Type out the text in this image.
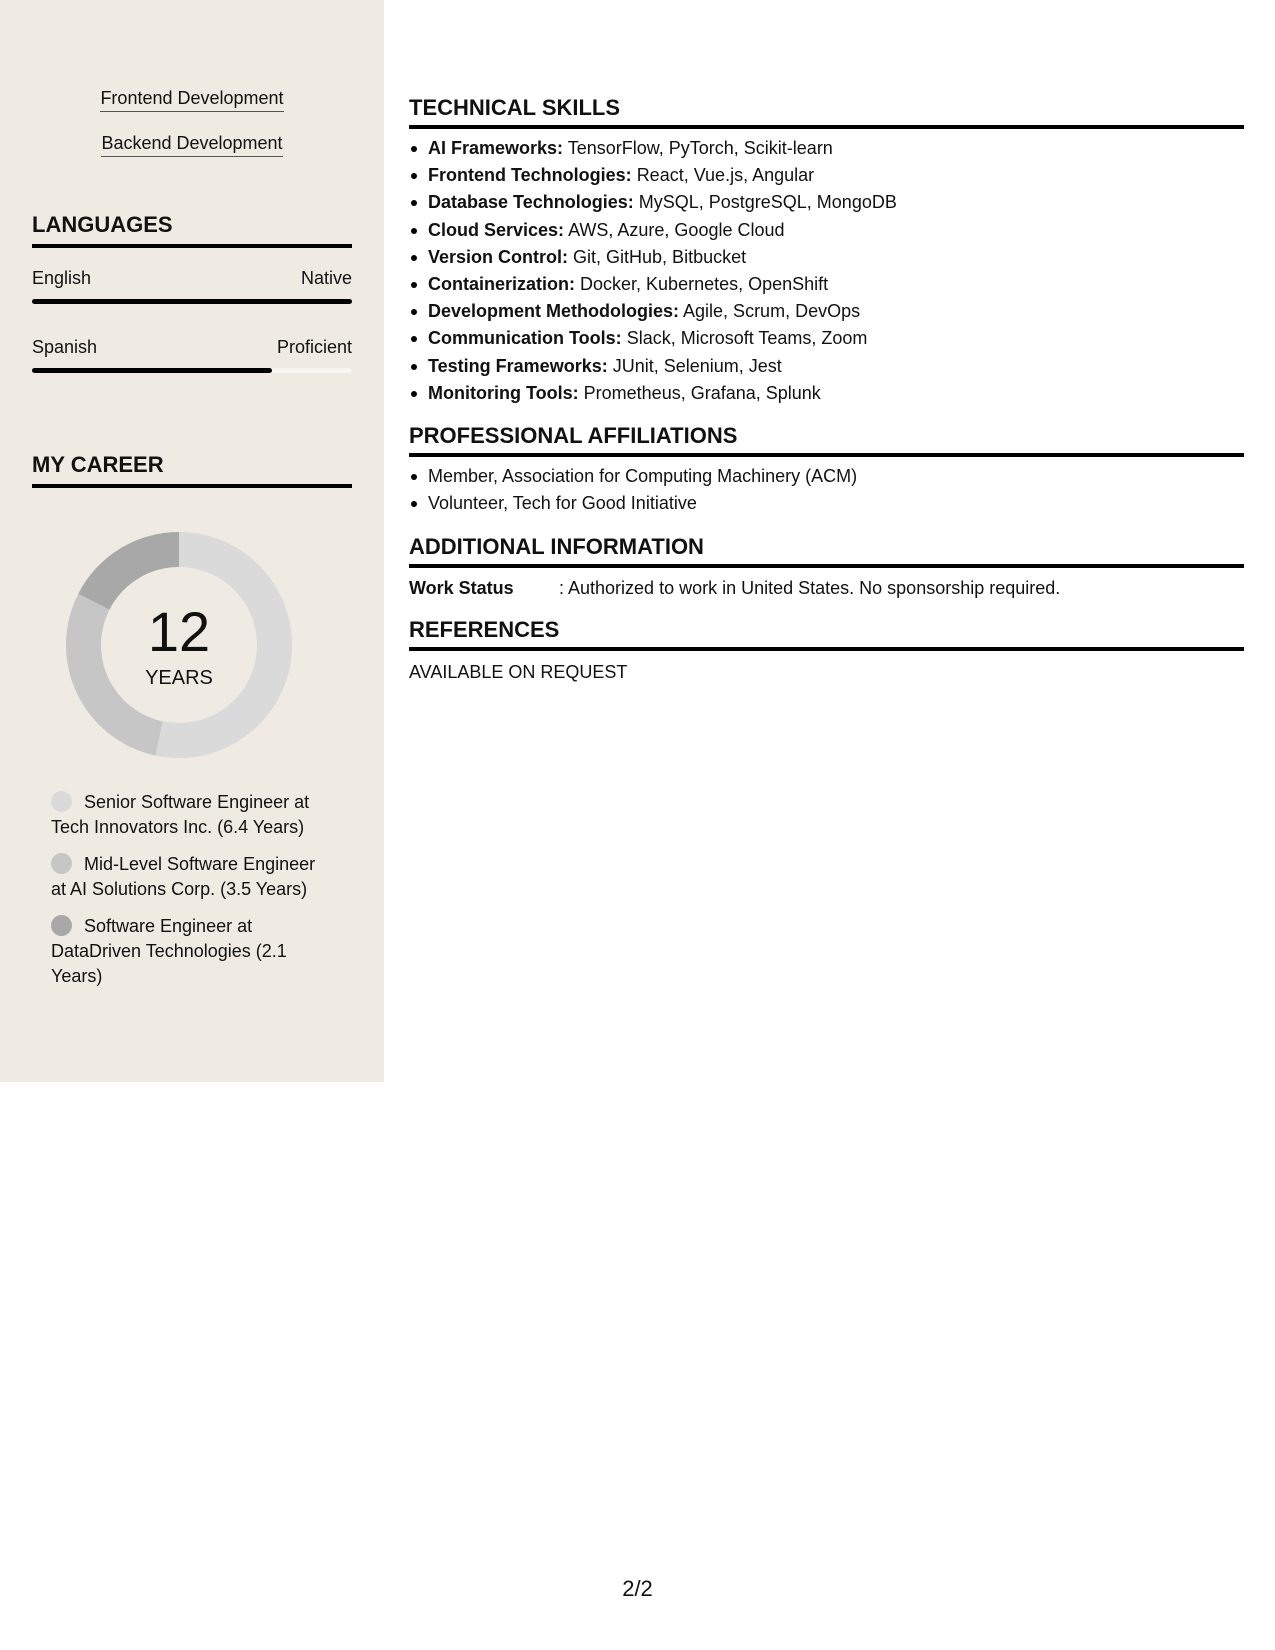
Frontend Development
Backend Development
LANGUAGES
English	Native
Spanish	Proficient
MY CAREER
12
YEARS
Senior Software Engineer at Tech Innovators Inc. (6.4 Years)
Mid-Level Software Engineer at AI Solutions Corp. (3.5 Years)
Software Engineer at DataDriven Technologies (2.1 Years)
TECHNICAL SKILLS
AI Frameworks: TensorFlow, PyTorch, Scikit-learn
Frontend Technologies: React, Vue.js, Angular
Database Technologies: MySQL, PostgreSQL, MongoDB
Cloud Services: AWS, Azure, Google Cloud
Version Control: Git, GitHub, Bitbucket
Containerization: Docker, Kubernetes, OpenShift
Development Methodologies: Agile, Scrum, DevOps
Communication Tools: Slack, Microsoft Teams, Zoom
Testing Frameworks: JUnit, Selenium, Jest
Monitoring Tools: Prometheus, Grafana, Splunk
PROFESSIONAL AFFILIATIONS
Member, Association for Computing Machinery (ACM)
Volunteer, Tech for Good Initiative
ADDITIONAL INFORMATION
Work Status	: Authorized to work in United States. No sponsorship required.
REFERENCES
AVAILABLE ON REQUEST
2/2
